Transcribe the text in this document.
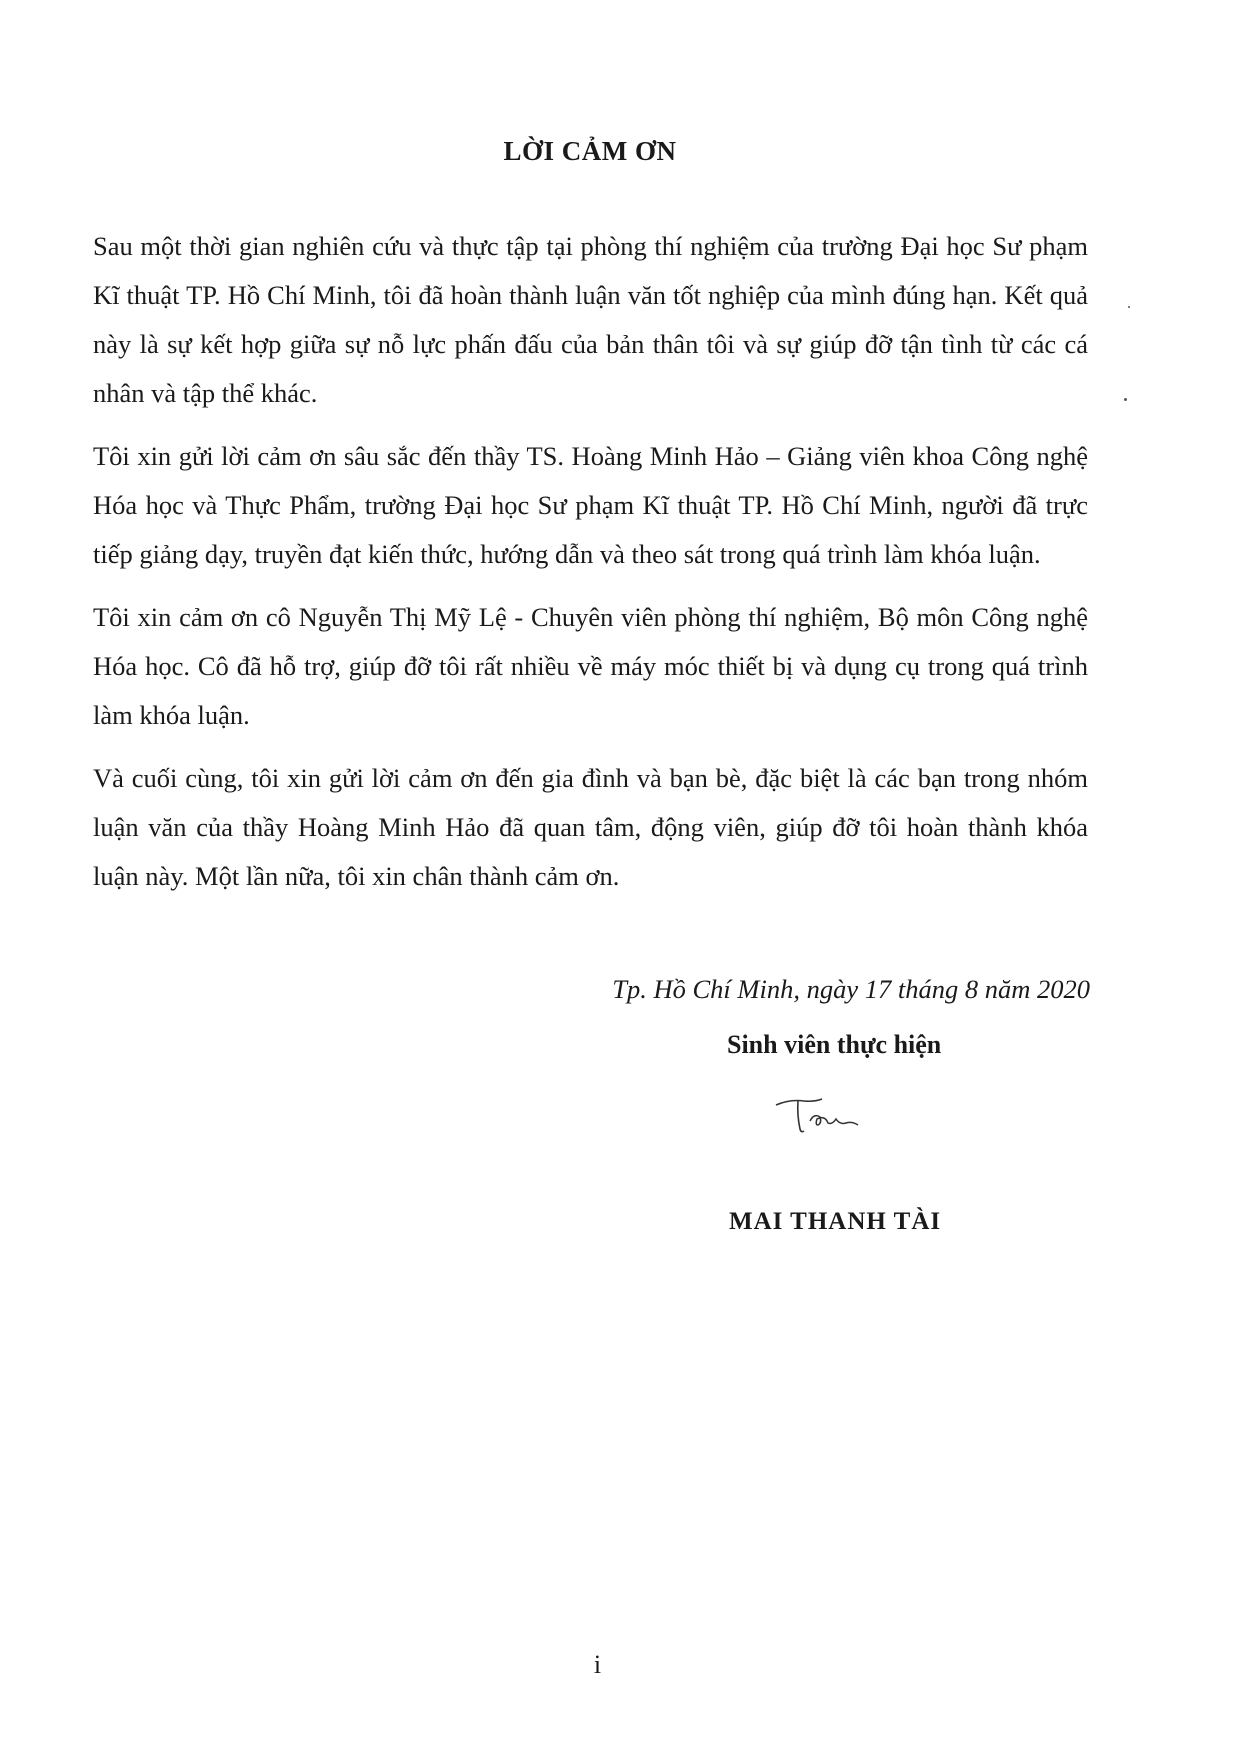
LỜI CẢM ƠN

Sau một thời gian nghiên cứu và thực tập tại phòng thí nghiệm của trường Đại học Sư phạm Kĩ thuật TP. Hồ Chí Minh, tôi đã hoàn thành luận văn tốt nghiệp của mình đúng hạn. Kết quả này là sự kết hợp giữa sự nỗ lực phấn đấu của bản thân tôi và sự giúp đỡ tận tình từ các cá nhân và tập thể khác.

Tôi xin gửi lời cảm ơn sâu sắc đến thầy TS. Hoàng Minh Hảo – Giảng viên khoa Công nghệ Hóa học và Thực Phẩm, trường Đại học Sư phạm Kĩ thuật TP. Hồ Chí Minh, người đã trực tiếp giảng dạy, truyền đạt kiến thức, hướng dẫn và theo sát trong quá trình làm khóa luận.

Tôi xin cảm ơn cô Nguyễn Thị Mỹ Lệ - Chuyên viên phòng thí nghiệm, Bộ môn Công nghệ Hóa học. Cô đã hỗ trợ, giúp đỡ tôi rất nhiều về máy móc thiết bị và dụng cụ trong quá trình làm khóa luận.

Và cuối cùng, tôi xin gửi lời cảm ơn đến gia đình và bạn bè, đặc biệt là các bạn trong nhóm luận văn của thầy Hoàng Minh Hảo đã quan tâm, động viên, giúp đỡ tôi hoàn thành khóa luận này. Một lần nữa, tôi xin chân thành cảm ơn.

Tp. Hồ Chí Minh, ngày 17 tháng 8 năm 2020
Sinh viên thực hiện
MAI THANH TÀI
i
